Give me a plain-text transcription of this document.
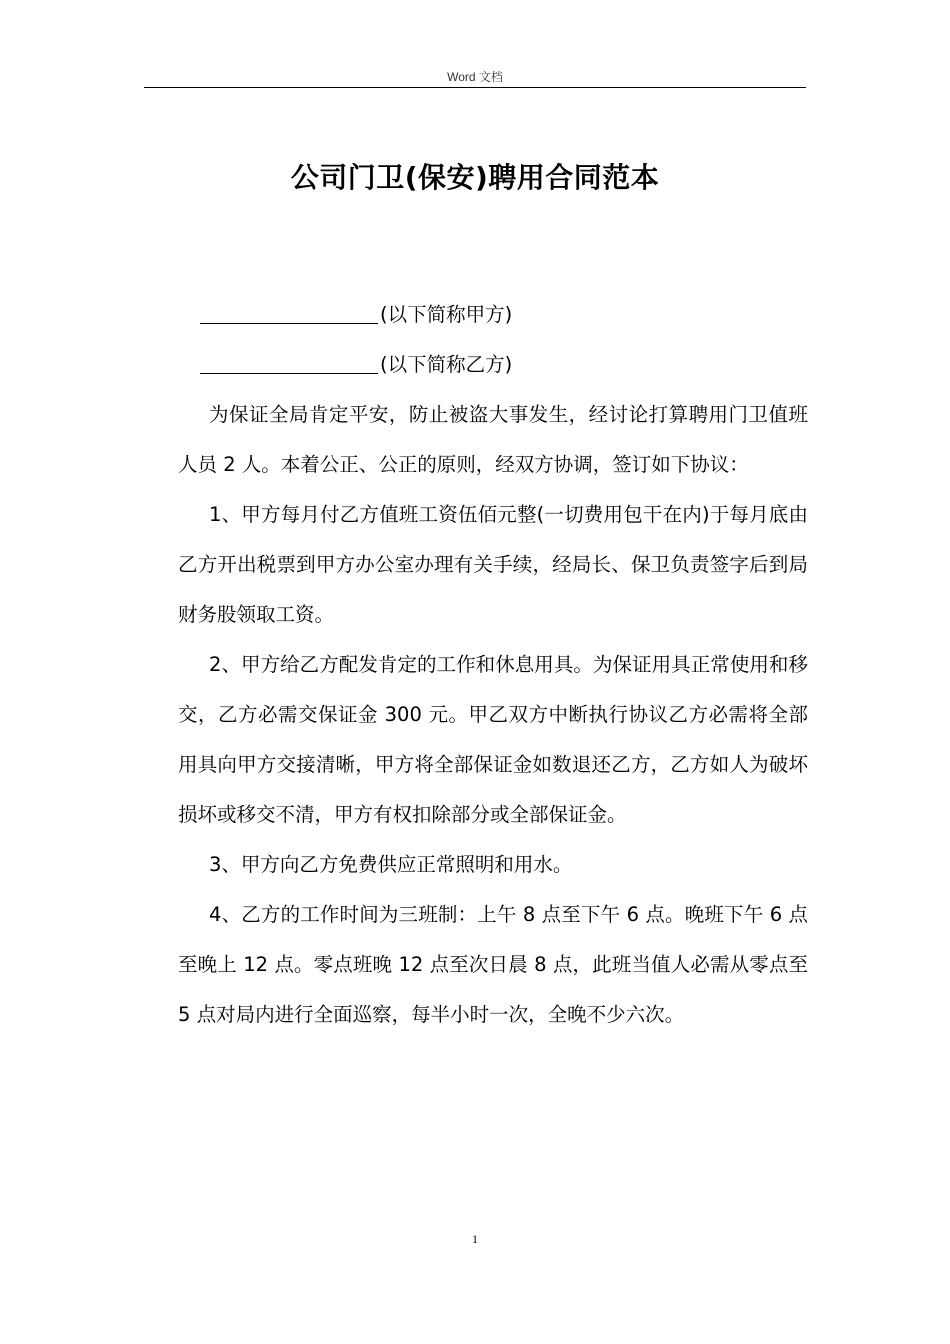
Word 文档
公司门卫(保安)聘用合同范本

(以下简称甲方)

(以下简称乙方)

为保证全局肯定平安，防止被盗大事发生，经讨论打算聘用门卫值班人员 2 人。本着公正、公正的原则，经双方协调，签订如下协议：

1、甲方每月付乙方值班工资伍佰元整(一切费用包干在内)于每月底由乙方开出税票到甲方办公室办理有关手续，经局长、保卫负责签字后到局财务股领取工资。

2、甲方给乙方配发肯定的工作和休息用具。为保证用具正常使用和移交，乙方必需交保证金 300 元。甲乙双方中断执行协议乙方必需将全部用具向甲方交接清晰，甲方将全部保证金如数退还乙方，乙方如人为破坏损坏或移交不清，甲方有权扣除部分或全部保证金。

3、甲方向乙方免费供应正常照明和用水。

4、乙方的工作时间为三班制：上午 8 点至下午 6 点。晚班下午 6 点至晚上 12 点。零点班晚 12 点至次日晨 8 点，此班当值人必需从零点至 5 点对局内进行全面巡察，每半小时一次，全晚不少六次。

1
